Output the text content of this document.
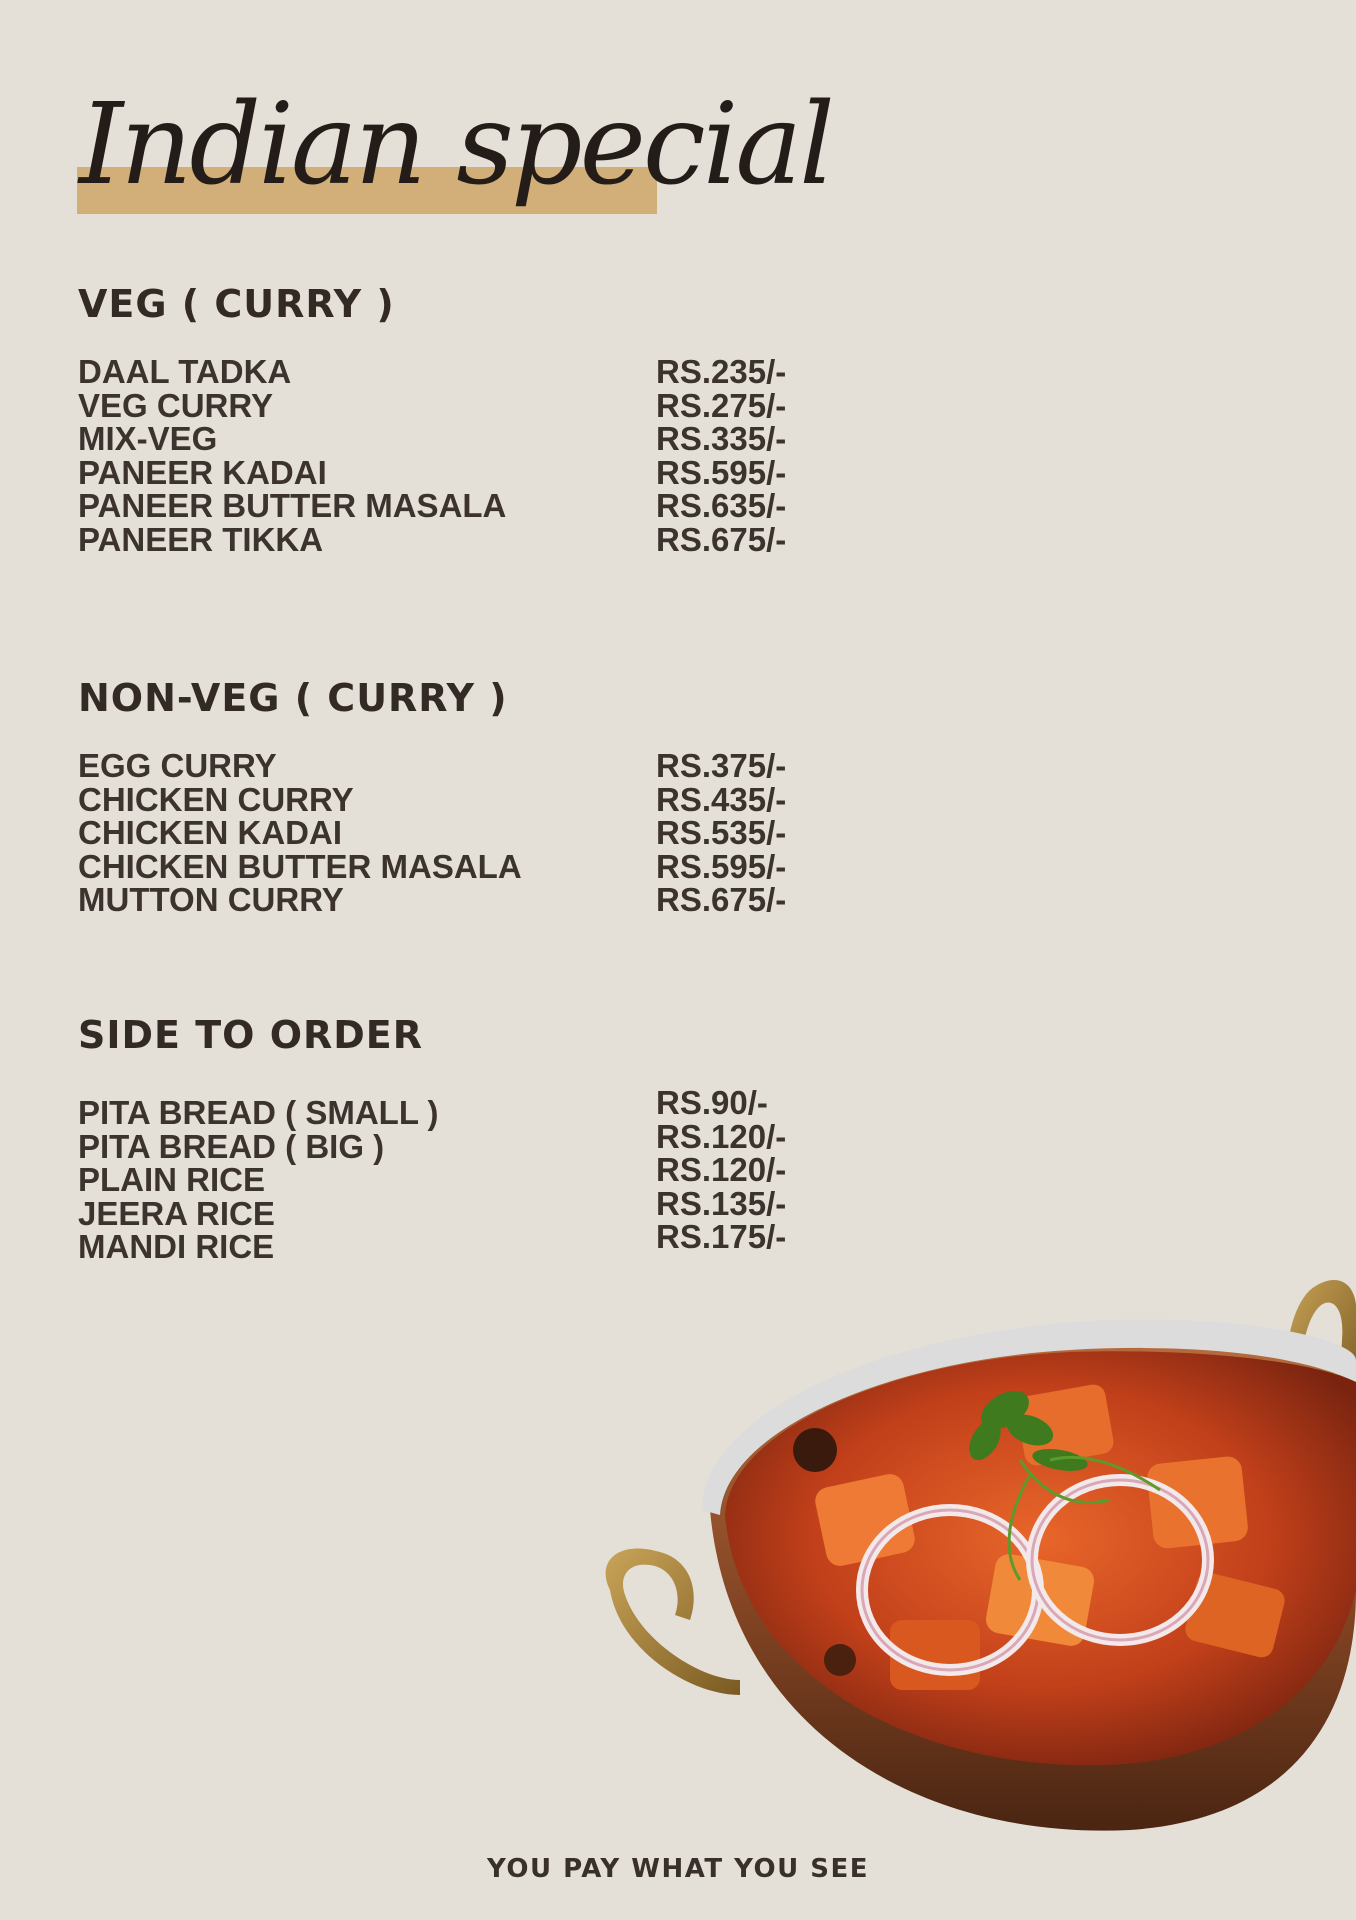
Indian special
VEG ( CURRY )
DAAL TADKA	RS.235/-
VEG CURRY	RS.275/-
MIX-VEG	RS.335/-
PANEER KADAI	RS.595/-
PANEER BUTTER MASALA	RS.635/-
PANEER TIKKA	RS.675/-
NON-VEG ( CURRY )
EGG CURRY	RS.375/-
CHICKEN CURRY	RS.435/-
CHICKEN KADAI	RS.535/-
CHICKEN BUTTER MASALA	RS.595/-
MUTTON CURRY	RS.675/-
SIDE TO ORDER
PITA BREAD ( SMALL )	RS.90/-
PITA BREAD ( BIG )	RS.120/-
PLAIN RICE	RS.120/-
JEERA RICE	RS.135/-
MANDI RICE	RS.175/-
YOU PAY WHAT YOU SEE
